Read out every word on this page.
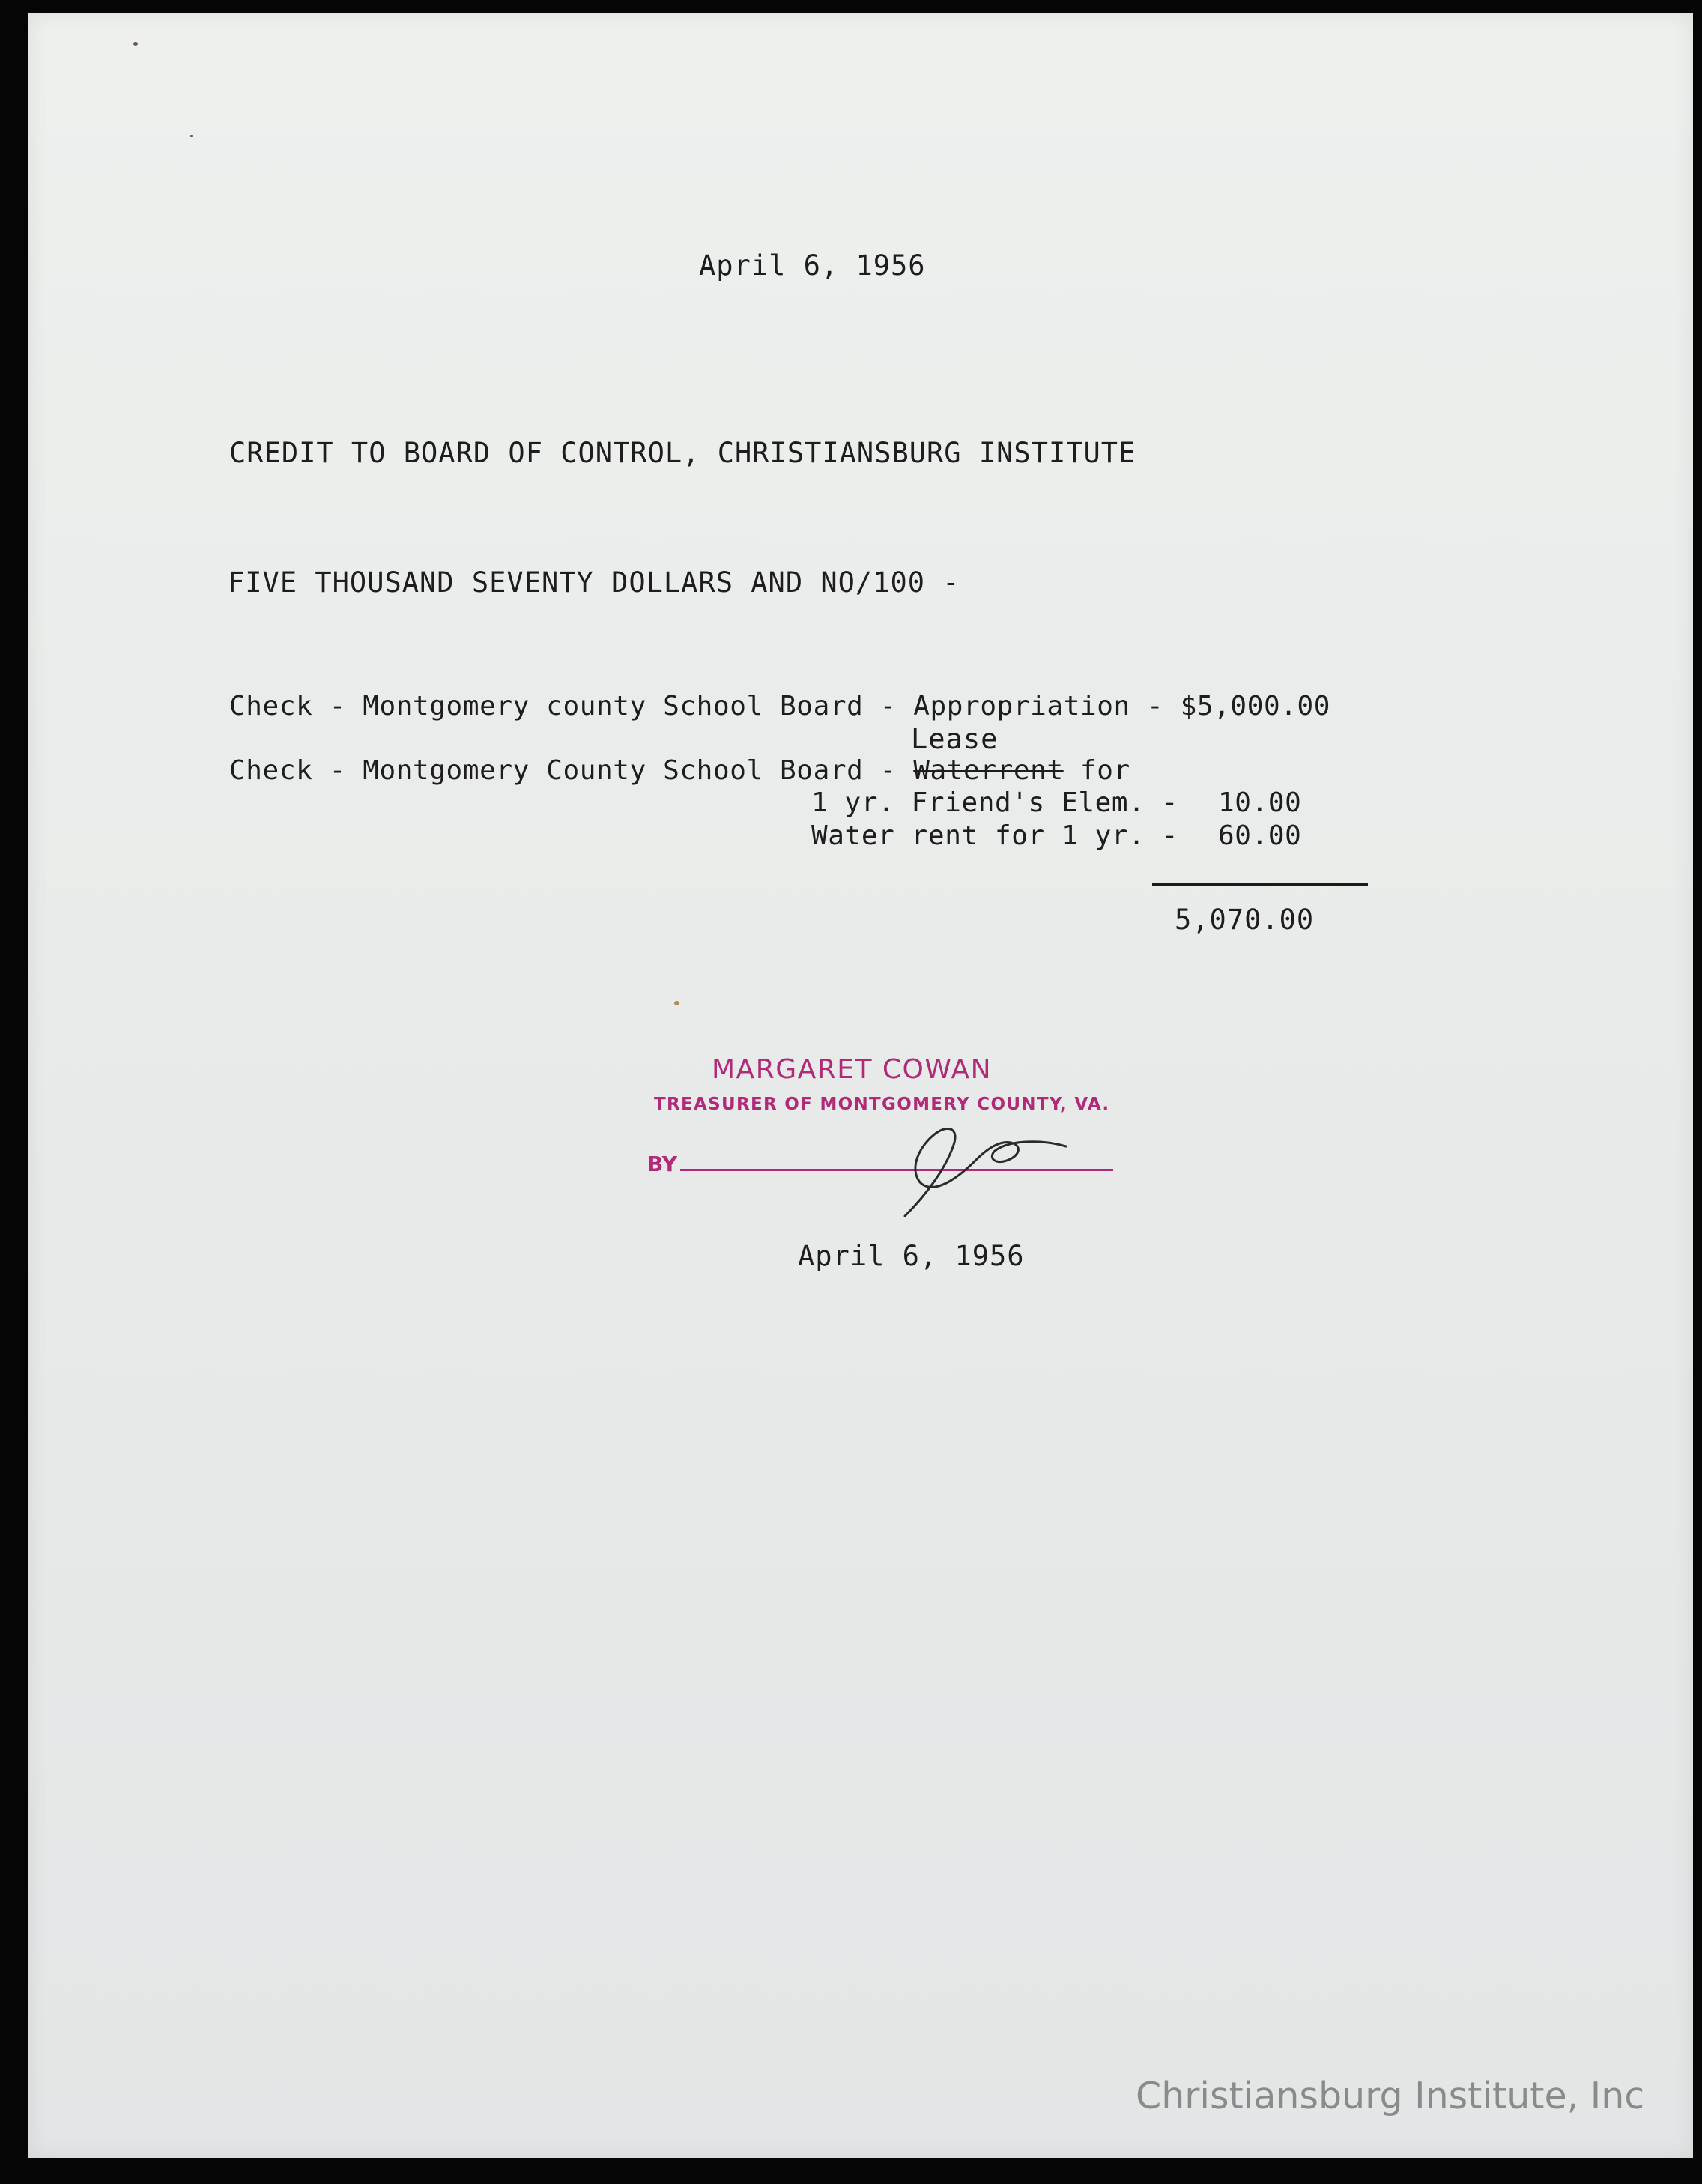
April 6, 1956
CREDIT TO BOARD OF CONTROL, CHRISTIANSBURG INSTITUTE
FIVE THOUSAND SEVENTY DOLLARS AND NO/100 -
Check - Montgomery county School Board - Appropriation - $5,000.00
Lease
Check - Montgomery County School Board - Waterrent for
1 yr. Friend's Elem. - 10.00
Water rent for 1 yr. - 60.00
5,070.00
MARGARET COWAN
TREASURER OF MONTGOMERY COUNTY, VA.
BY
April 6, 1956
Christiansburg Institute, Inc
